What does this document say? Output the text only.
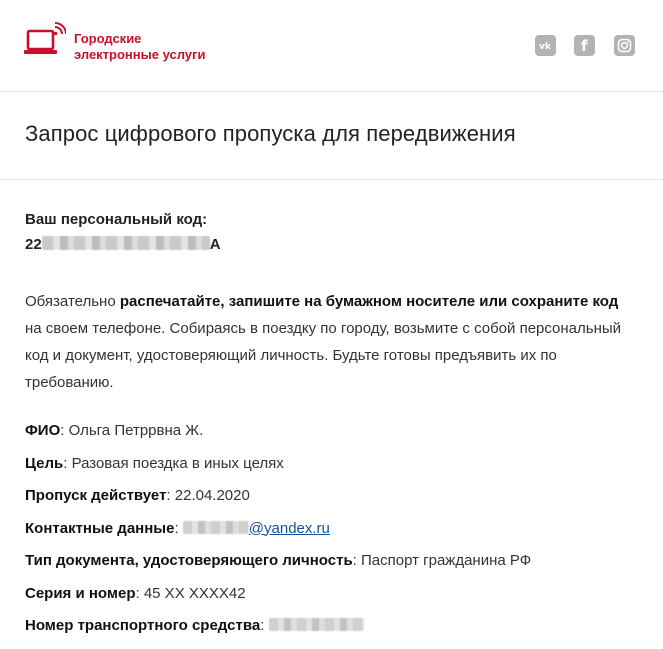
Городские
электронные услуги	vk f
Запрос цифрового пропуска для передвижения
Ваш персональный код:
22	A
Обязательно распечатайте, запишите на бумажном носителе или сохраните код на своем телефоне. Собираясь в поездку по городу, возьмите с собой персональный код и документ, удостоверяющий личность. Будьте готовы предъявить их по требованию.
ФИО: Ольга Петррвна Ж.
Цель: Разовая поездка в иных целях
Пропуск действует: 22.04.2020
Контактные данные:	@yandex.ru
Тип документа, удостоверяющего личность: Паспорт гражданина РФ
Серия и номер: 45 XX XXXX42
Номер транспортного средства:
